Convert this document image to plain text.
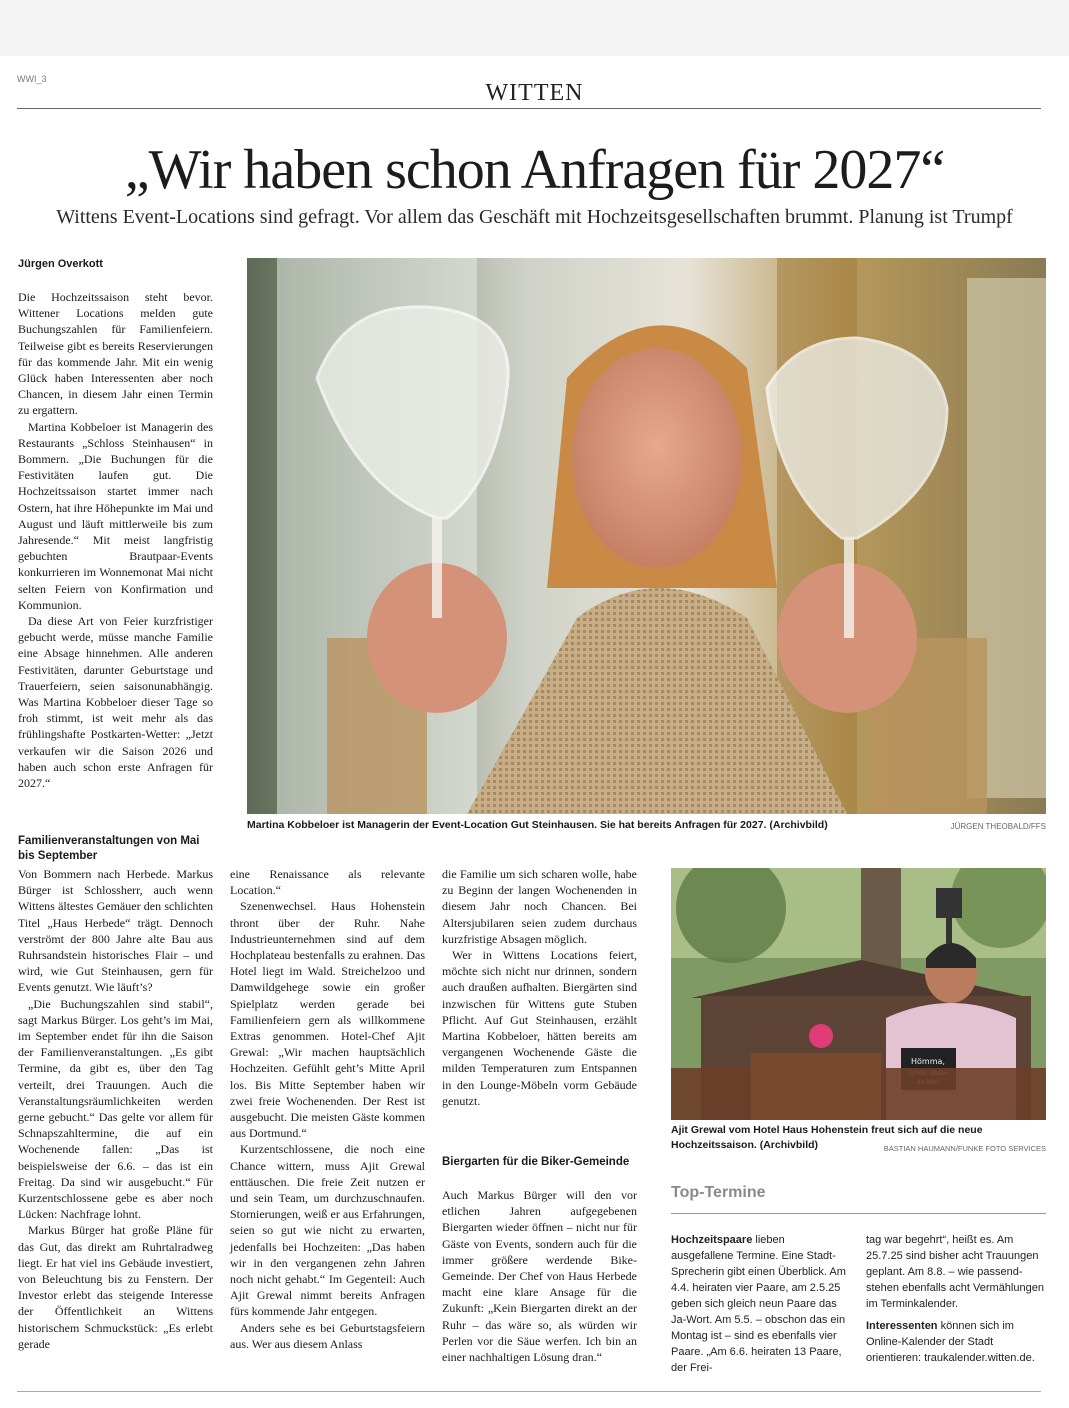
WWI_3
WITTEN
„Wir haben schon Anfragen für 2027“
Wittens Event-Locations sind gefragt. Vor allem das Geschäft mit Hochzeitsgesellschaften brummt. Planung ist Trumpf
Jürgen Overkott

Die Hochzeitssaison steht bevor. Wittener Locations melden gute Buchungszahlen für Familienfeiern. Teilweise gibt es bereits Reservierungen für das kommende Jahr. Mit ein wenig Glück haben Interessenten aber noch Chancen, in diesem Jahr einen Termin zu ergattern.

Martina Kobbeloer ist Managerin des Restaurants „Schloss Steinhausen“ in Bommern. „Die Buchungen für die Festivitäten laufen gut. Die Hochzeitssaison startet immer nach Ostern, hat ihre Höhepunkte im Mai und August und läuft mittlerweile bis zum Jahresende.“ Mit meist langfristig gebuchten Brautpaar-Events konkurrieren im Wonnemonat Mai nicht selten Feiern von Konfirmation und Kommunion.

Da diese Art von Feier kurzfristiger gebucht werde, müsse manche Familie eine Absage hinnehmen. Alle anderen Festivitäten, darunter Geburtstage und Trauerfeiern, seien saisonunabhängig. Was Martina Kobbeloer dieser Tage so froh stimmt, ist weit mehr als das frühlingshafte Postkarten-Wetter: „Jetzt verkaufen wir die Saison 2026 und haben auch schon erste Anfragen für 2027.“

Martina Kobbeloer ist Managerin der Event-Location Gut Steinhausen. Sie hat bereits Anfragen für 2027. (Archivbild)	JÜRGEN THEOBALD/FFS
Familienveranstaltungen von Mai bis September

Von Bommern nach Herbede. Markus Bürger ist Schlossherr, auch wenn Wittens ältestes Gemäuer den schlichten Titel „Haus Herbede“ trägt. Dennoch verströmt der 800 Jahre alte Bau aus Ruhrsandstein historisches Flair – und wird, wie Gut Steinhausen, gern für Events genutzt. Wie läuft’s?

„Die Buchungszahlen sind stabil“, sagt Markus Bürger. Los geht’s im Mai, im September endet für ihn die Saison der Familienveranstaltungen. „Es gibt Termine, da gibt es, über den Tag verteilt, drei Trauungen. Auch die Veranstaltungsräumlichkeiten werden gerne gebucht.“ Das gelte vor allem für Schnapszahltermine, die auf ein Wochenende fallen: „Das ist beispielsweise der 6.6. – das ist ein Freitag. Da sind wir ausgebucht.“ Für Kurzentschlossene gebe es aber noch Lücken: Nachfrage lohnt.

Markus Bürger hat große Pläne für das Gut, das direkt am Ruhrtalradweg liegt. Er hat viel ins Gebäude investiert, von Beleuchtung bis zu Fenstern. Der Investor erlebt das steigende Interesse der Öffentlichkeit an Wittens historischem Schmuckstück: „Es erlebt gerade

eine Renaissance als relevante Location.“

Szenenwechsel. Haus Hohenstein thront über der Ruhr. Nahe Industrieunternehmen sind auf dem Hochplateau bestenfalls zu erahnen. Das Hotel liegt im Wald. Streichelzoo und Damwildgehege sowie ein großer Spielplatz werden gerade bei Familienfeiern gern als willkommene Extras genommen. Hotel-Chef Ajit Grewal: „Wir machen hauptsächlich Hochzeiten. Gefühlt geht’s Mitte April los. Bis Mitte September haben wir zwei freie Wochenenden. Der Rest ist ausgebucht. Die meisten Gäste kommen aus Dortmund.“

Kurzentschlossene, die noch eine Chance wittern, muss Ajit Grewal enttäuschen. Die freie Zeit nutzen er und sein Team, um durchzuschnaufen. Stornierungen, weiß er aus Erfahrungen, seien so gut wie nicht zu erwarten, jedenfalls bei Hochzeiten: „Das haben wir in den vergangenen zehn Jahren noch nicht gehabt.“ Im Gegenteil: Auch Ajit Grewal nimmt bereits Anfragen fürs kommende Jahr entgegen.

Anders sehe es bei Geburtstagsfeiern aus. Wer aus diesem Anlass

die Familie um sich scharen wolle, habe zu Beginn der langen Wochenenden in diesem Jahr noch Chancen. Bei Altersjubilaren seien zudem durchaus kurzfristige Absagen möglich.

Wer in Wittens Locations feiert, möchte sich nicht nur drinnen, sondern auch draußen aufhalten. Biergärten sind inzwischen für Wittens gute Stuben Pflicht. Auf Gut Steinhausen, erzählt Martina Kobbeloer, hätten bereits am vergangenen Wochenende Gäste die milden Temperaturen zum Entspannen in den Lounge-Möbeln vorm Gebäude genutzt.

Biergarten für die Biker-Gemeinde

Auch Markus Bürger will den vor etlichen Jahren aufgegebenen Biergarten wieder öffnen – nicht nur für Gäste von Events, sondern auch für die immer größere werdende Bike-Gemeinde. Der Chef von Haus Herbede macht eine klare Ansage für die Zukunft: „Kein Biergarten direkt an der Ruhr – das wäre so, als würden wir Perlen vor die Säue werfen. Ich bin an einer nachhaltigen Lösung dran.“

Hömma,
Ajit Grewal vom Hotel Haus Hohenstein freut sich auf die neue Hochzeitssaison. (Archivbild)	BASTIAN HAUMANN/FUNKE FOTO SERVICES
Top-Termine
Hochzeitspaare lieben ausgefallene Termine. Eine Stadt-Sprecherin gibt einen Überblick. Am 4.4. heiraten vier Paare, am 2.5.25 geben sich gleich neun Paare das Ja-Wort. Am 5.5. – obschon das ein Montag ist – sind es ebenfalls vier Paare. „Am 6.6. heiraten 13 Paare, der Frei-
tag war begehrt“, heißt es. Am 25.7.25 sind bisher acht Trauungen geplant. Am 8.8. – wie passend- stehen ebenfalls acht Vermählungen im Terminkalender.
Interessenten können sich im Online-Kalender der Stadt orientieren: traukalender.witten.de.
